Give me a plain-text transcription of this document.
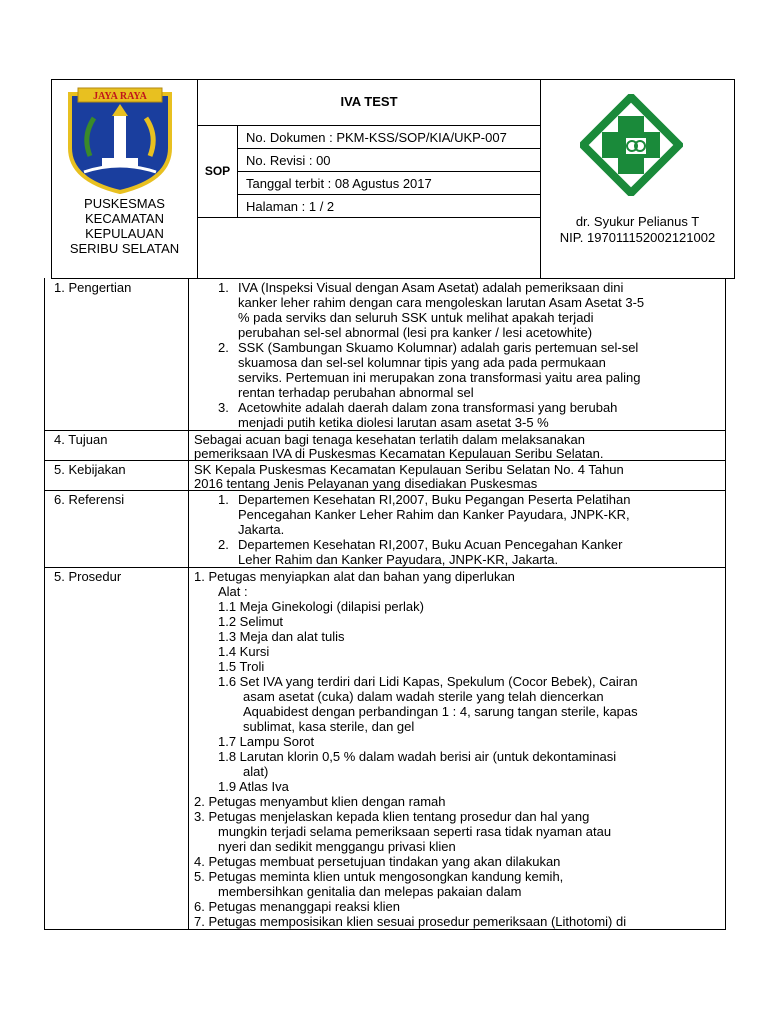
JAYA RAYA
PUSKESMAS
KECAMATAN
KEPULAUAN
SERIBU SELATAN
IVA TEST
SOP
No. Dokumen : PKM-KSS/SOP/KIA/UKP-007
No. Revisi : 00
Tanggal terbit : 08 Agustus 2017
Halaman : 1 / 2
dr. Syukur Pelianus T
NIP. 197011152002121002
1. Pengertian
4. Tujuan
5. Kebijakan
6. Referensi
5. Prosedur
1. IVA (Inspeksi Visual dengan Asam Asetat) adalah pemeriksaan dini
kanker leher rahim dengan cara mengoleskan larutan Asam Asetat 3-5
% pada serviks dan seluruh SSK untuk melihat apakah terjadi
perubahan sel-sel abnormal (lesi pra kanker / lesi acetowhite)
2. SSK (Sambungan Skuamo Kolumnar) adalah garis pertemuan sel-sel
skuamosa dan sel-sel kolumnar tipis yang ada pada permukaan
serviks. Pertemuan ini merupakan zona transformasi yaitu area paling
rentan terhadap perubahan abnormal sel
3. Acetowhite adalah daerah dalam zona transformasi yang berubah
menjadi putih ketika diolesi larutan asam asetat 3-5 %
Sebagai acuan bagi tenaga kesehatan terlatih dalam melaksanakan
pemeriksaan IVA di Puskesmas Kecamatan Kepulauan Seribu Selatan.
SK Kepala Puskesmas Kecamatan Kepulauan Seribu Selatan No. 4 Tahun
2016 tentang Jenis Pelayanan yang disediakan Puskesmas
1. Departemen Kesehatan RI,2007, Buku Pegangan Peserta Pelatihan
Pencegahan Kanker Leher Rahim dan Kanker Payudara, JNPK-KR,
Jakarta.
2. Departemen Kesehatan RI,2007, Buku Acuan Pencegahan Kanker
Leher Rahim dan Kanker Payudara, JNPK-KR, Jakarta.
1. Petugas menyiapkan alat dan bahan yang diperlukan
Alat :
1.1 Meja Ginekologi (dilapisi perlak)
1.2 Selimut
1.3 Meja dan alat tulis
1.4 Kursi
1.5 Troli
1.6 Set IVA yang terdiri dari Lidi Kapas, Spekulum (Cocor Bebek), Cairan
asam asetat (cuka) dalam wadah sterile yang telah diencerkan
Aquabidest dengan perbandingan 1 : 4, sarung tangan sterile, kapas
sublimat, kasa sterile, dan gel
1.7 Lampu Sorot
1.8 Larutan klorin 0,5 % dalam wadah berisi air (untuk dekontaminasi
alat)
1.9 Atlas Iva
2. Petugas menyambut klien dengan ramah
3. Petugas menjelaskan kepada klien tentang prosedur dan hal yang
mungkin terjadi selama pemeriksaan seperti rasa tidak nyaman atau
nyeri dan sedikit menggangu privasi klien
4. Petugas membuat persetujuan tindakan yang akan dilakukan
5. Petugas meminta klien untuk mengosongkan kandung kemih,
membersihkan genitalia dan melepas pakaian dalam
6. Petugas menanggapi reaksi klien
7. Petugas memposisikan klien sesuai prosedur pemeriksaan (Lithotomi) di
